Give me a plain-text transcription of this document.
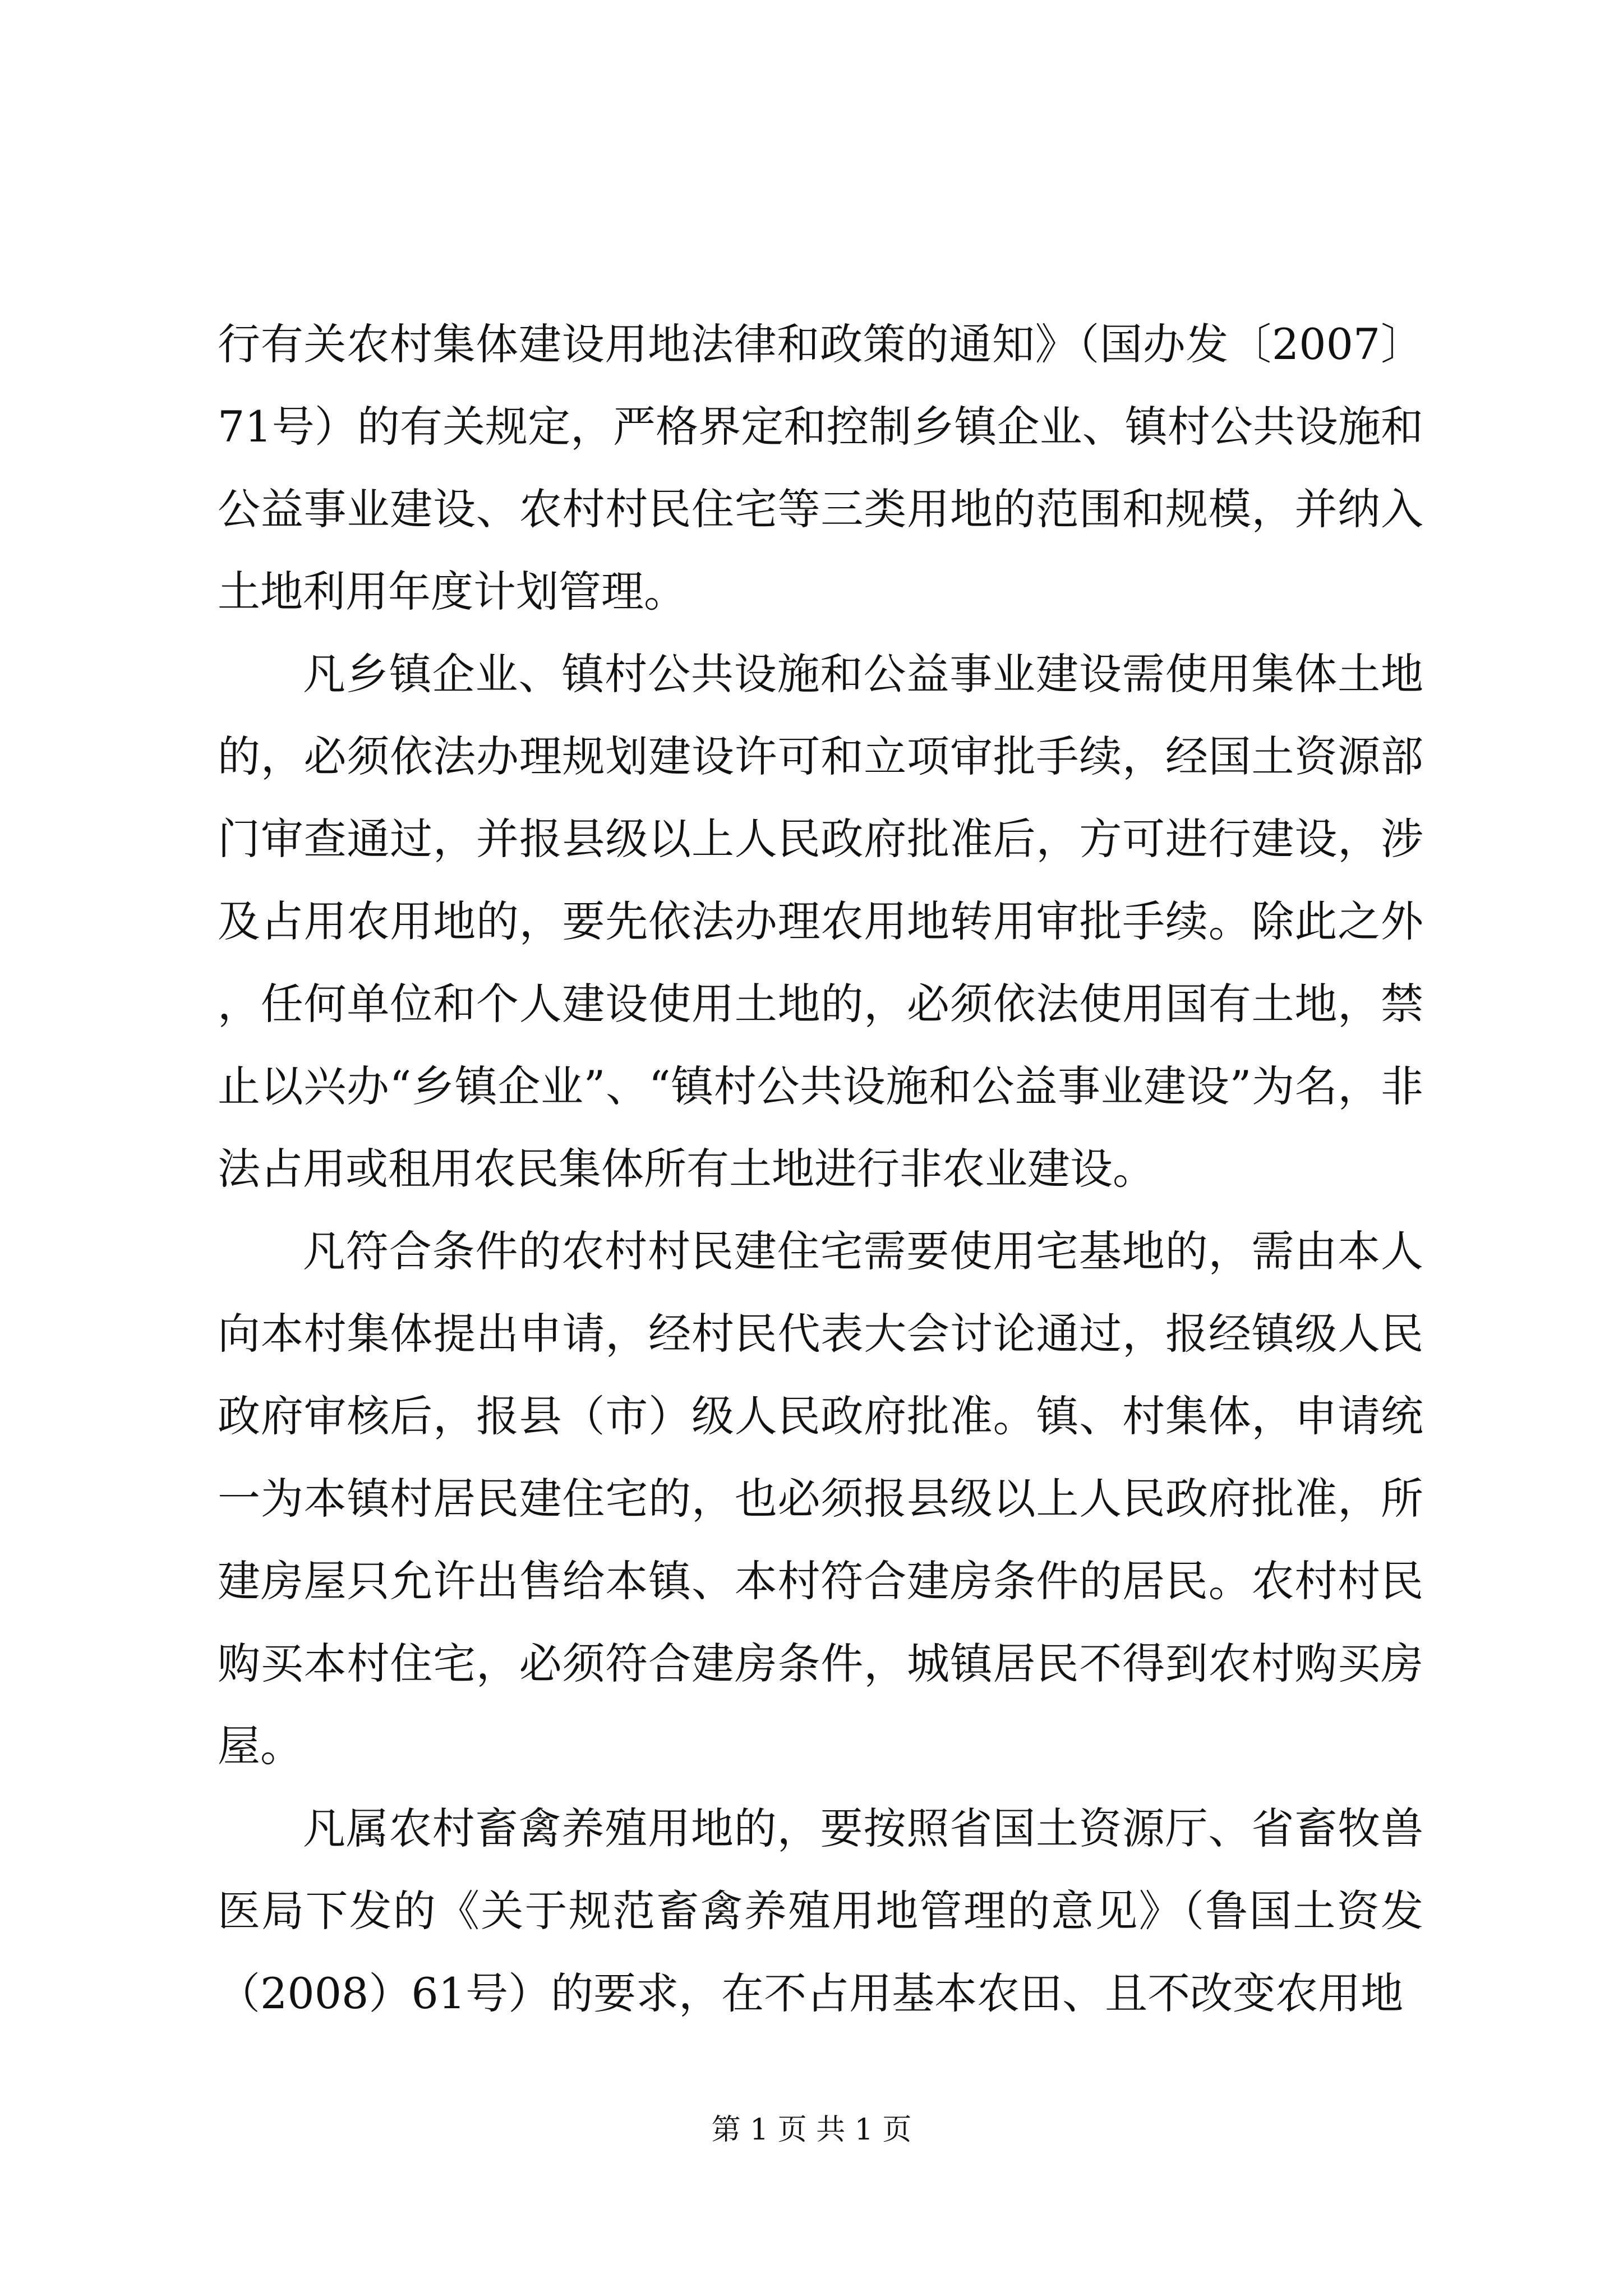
行有关农村集体建设用地法律和政策的通知》（国办发〔2007〕71号）的有关规定，严格界定和控制乡镇企业、镇村公共设施和公益事业建设、农村村民住宅等三类用地的范围和规模，并纳入土地利用年度计划管理。

凡乡镇企业、镇村公共设施和公益事业建设需使用集体土地的，必须依法办理规划建设许可和立项审批手续，经国土资源部门审查通过，并报县级以上人民政府批准后，方可进行建设，涉及占用农用地的，要先依法办理农用地转用审批手续。除此之外，任何单位和个人建设使用土地的，必须依法使用国有土地，禁止以兴办“乡镇企业”、“镇村公共设施和公益事业建设”为名，非法占用或租用农民集体所有土地进行非农业建设。

凡符合条件的农村村民建住宅需要使用宅基地的，需由本人向本村集体提出申请，经村民代表大会讨论通过，报经镇级人民政府审核后，报县（市）级人民政府批准。镇、村集体，申请统一为本镇村居民建住宅的，也必须报县级以上人民政府批准，所建房屋只允许出售给本镇、本村符合建房条件的居民。农村村民购买本村住宅，必须符合建房条件，城镇居民不得到农村购买房屋。

凡属农村畜禽养殖用地的，要按照省国土资源厅、省畜牧兽医局下发的《关于规范畜禽养殖用地管理的意见》（鲁国土资发（2008）61号）的要求，在不占用基本农田、且不改变农用地

第 1 页 共 1 页
